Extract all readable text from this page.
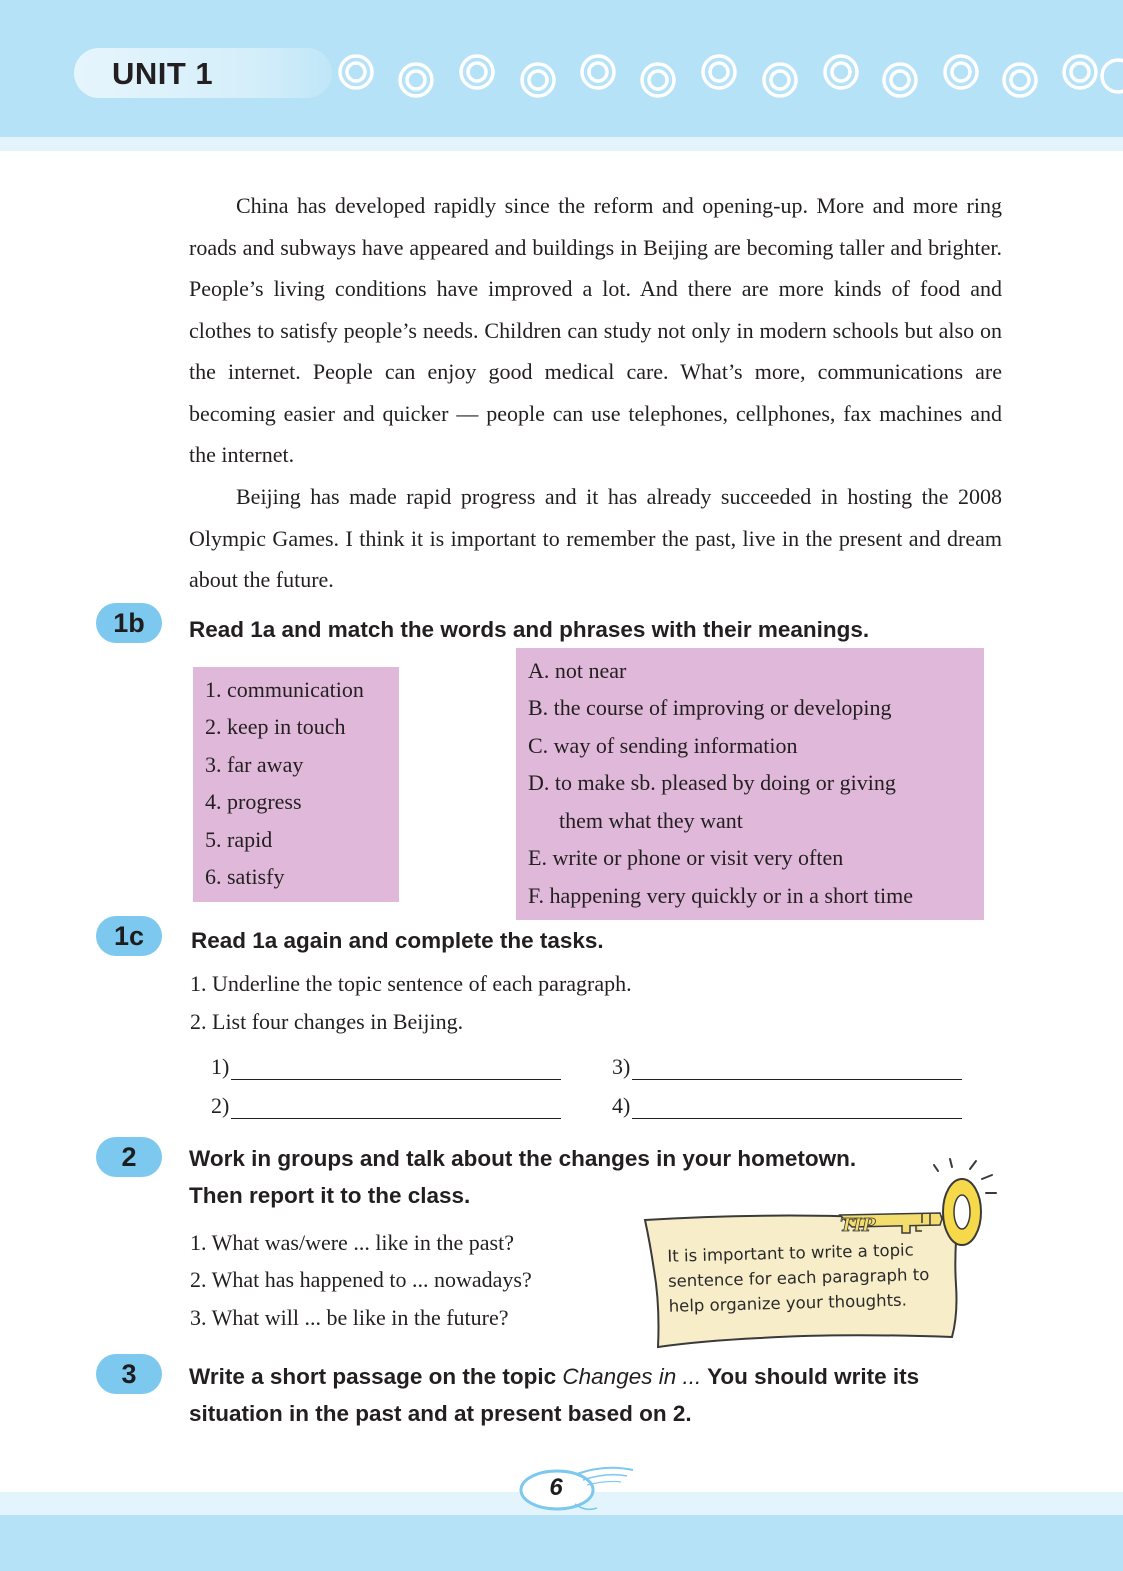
UNIT 1

China has developed rapidly since the reform and opening-up. More and more ring roads and subways have appeared and buildings in Beijing are becoming taller and brighter. People’s living conditions have improved a lot. And there are more kinds of food and clothes to satisfy people’s needs. Children can study not only in modern schools but also on the internet. People can enjoy good medical care. What’s more, communications are becoming easier and quicker — people can use telephones, cellphones, fax machines and the internet.

Beijing has made rapid progress and it has already succeeded in hosting the 2008 Olympic Games. I think it is important to remember the past, live in the present and dream about the future.

1b	Read 1a and match the words and phrases with their meanings.

1. communication
2. keep in touch
3. far away
4. progress
5. rapid
6. satisfy
A. not near
B. the course of improving or developing
C. way of sending information
D. to make sb. pleased by doing or giving
them what they want
E. write or phone or visit very often
F. happening very quickly or in a short time
1c	Read 1a again and complete the tasks.

1. Underline the topic sentence of each paragraph.
2. List four changes in Beijing.
1)
2)
3)
4)
2	Work in groups and talk about the changes in your hometown.

Then report it to the class.

1. What was/were ... like in the past?
2. What has happened to ... nowadays?
3. What will ... be like in the future?
TIP
It is important to write a topic sentence for each paragraph to help organize your thoughts.
3	Write a short passage on the topic Changes in ... You should write its situation in the past and at present based on 2.

6
